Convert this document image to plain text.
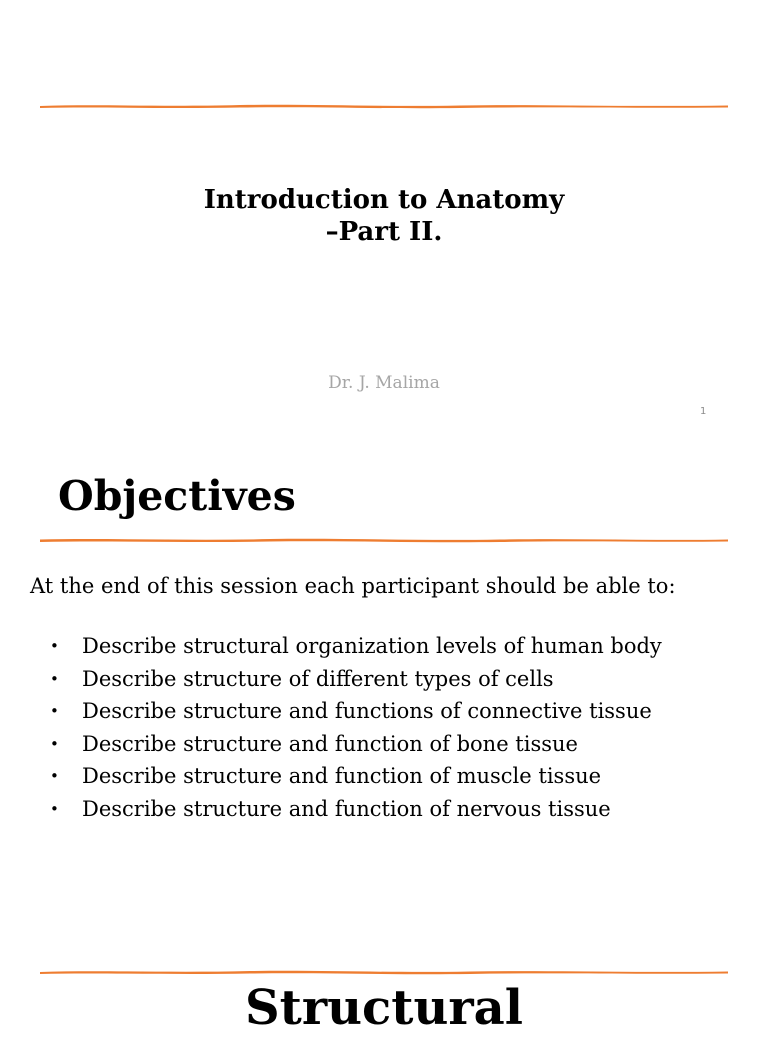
Introduction to Anatomy
–Part II.
Dr. J. Malima
1
Objectives
At the end of this session each participant should be able to:
• Describe structural organization levels of human body
• Describe structure of different types of cells
• Describe structure and functions of connective tissue
• Describe structure and function of bone tissue
• Describe structure and function of muscle tissue
• Describe structure and function of nervous tissue
Structural
